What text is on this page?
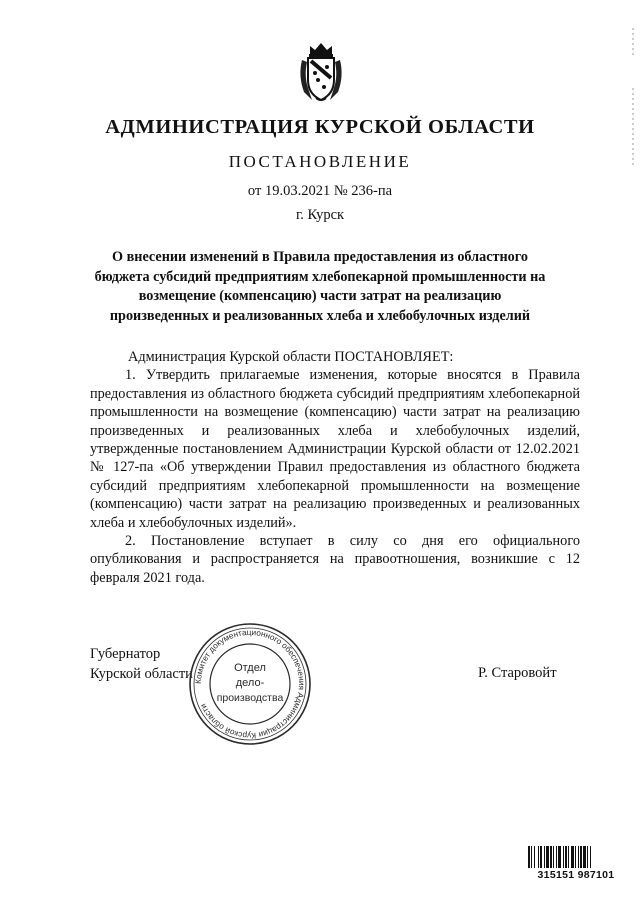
АДМИНИСТРАЦИЯ КУРСКОЙ ОБЛАСТИ
ПОСТАНОВЛЕНИЕ
от 19.03.2021 № 236-па
г. Курск
О внесении изменений в Правила предоставления из областного
бюджета субсидий предприятиям хлебопекарной промышленности на
возмещение (компенсацию) части затрат на реализацию
произведенных и реализованных хлеба и хлебобулочных изделий

Администрация Курской области ПОСТАНОВЛЯЕТ:

1. Утвердить прилагаемые изменения, которые вносятся в Правила предоставления из областного бюджета субсидий предприятиям хлебопекарной промышленности на возмещение (компенсацию) части затрат на реализацию произведенных и реализованных хлеба и хлебобулочных изделий, утвержденные постановлением Администрации Курской области от 12.02.2021 № 127-па «Об утверждении Правил предоставления из областного бюджета субсидий предприятиям хлебопекарной промышленности на возмещение (компенсацию) части затрат на реализацию произведенных и реализованных хлеба и хлебобулочных изделий».

2. Постановление вступает в силу со дня его официального опубликования и распространяется на правоотношения, возникшие с 12 февраля 2021 года.

Губернатор
Курской области	Р. Старовойт
Комитет документационного обеспечения Администрации Курской области
Отдел
дело-
производства
315151 987101
